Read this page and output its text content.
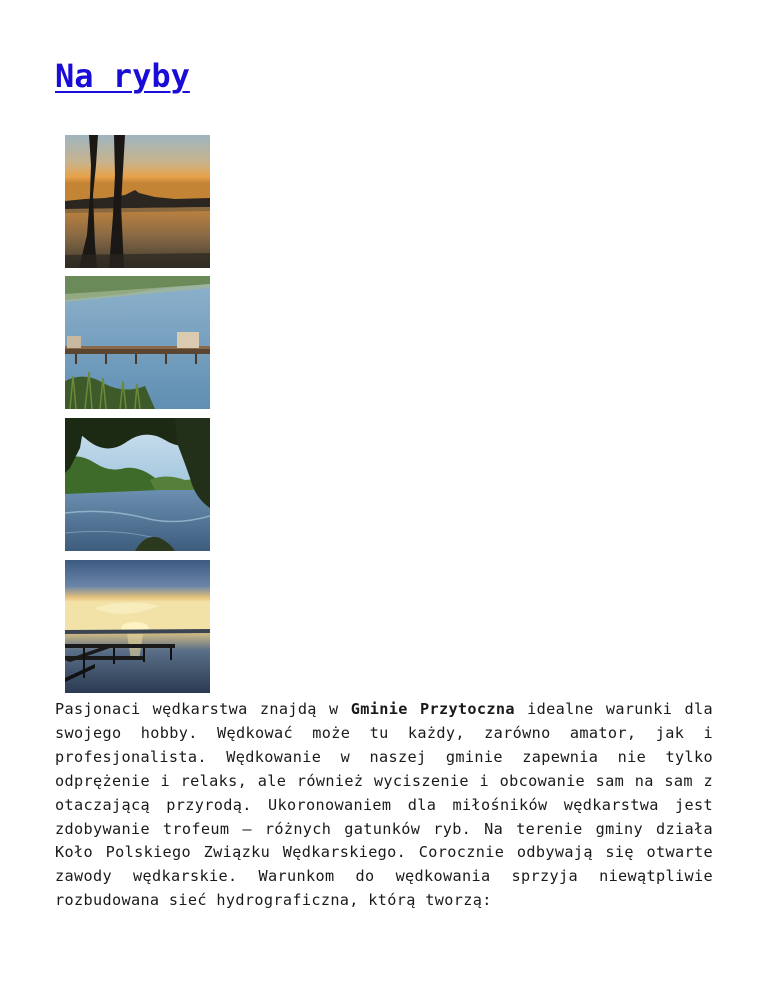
Na ryby

Pasjonaci wędkarstwa znajdą w Gminie Przytoczna idealne warunki dla swojego hobby. Wędkować może tu każdy, zarówno amator, jak i profesjonalista. Wędkowanie w naszej gminie zapewnia nie tylko odprężenie i relaks, ale również wyciszenie i obcowanie sam na sam z otaczającą przyrodą. Ukoronowaniem dla miłośników wędkarstwa jest zdobywanie trofeum – różnych gatunków ryb. Na terenie gminy działa Koło Polskiego Związku Wędkarskiego. Corocznie odbywają się otwarte zawody wędkarskie. Warunkom do wędkowania sprzyja niewątpliwie rozbudowana sieć hydrograficzna, którą tworzą:
